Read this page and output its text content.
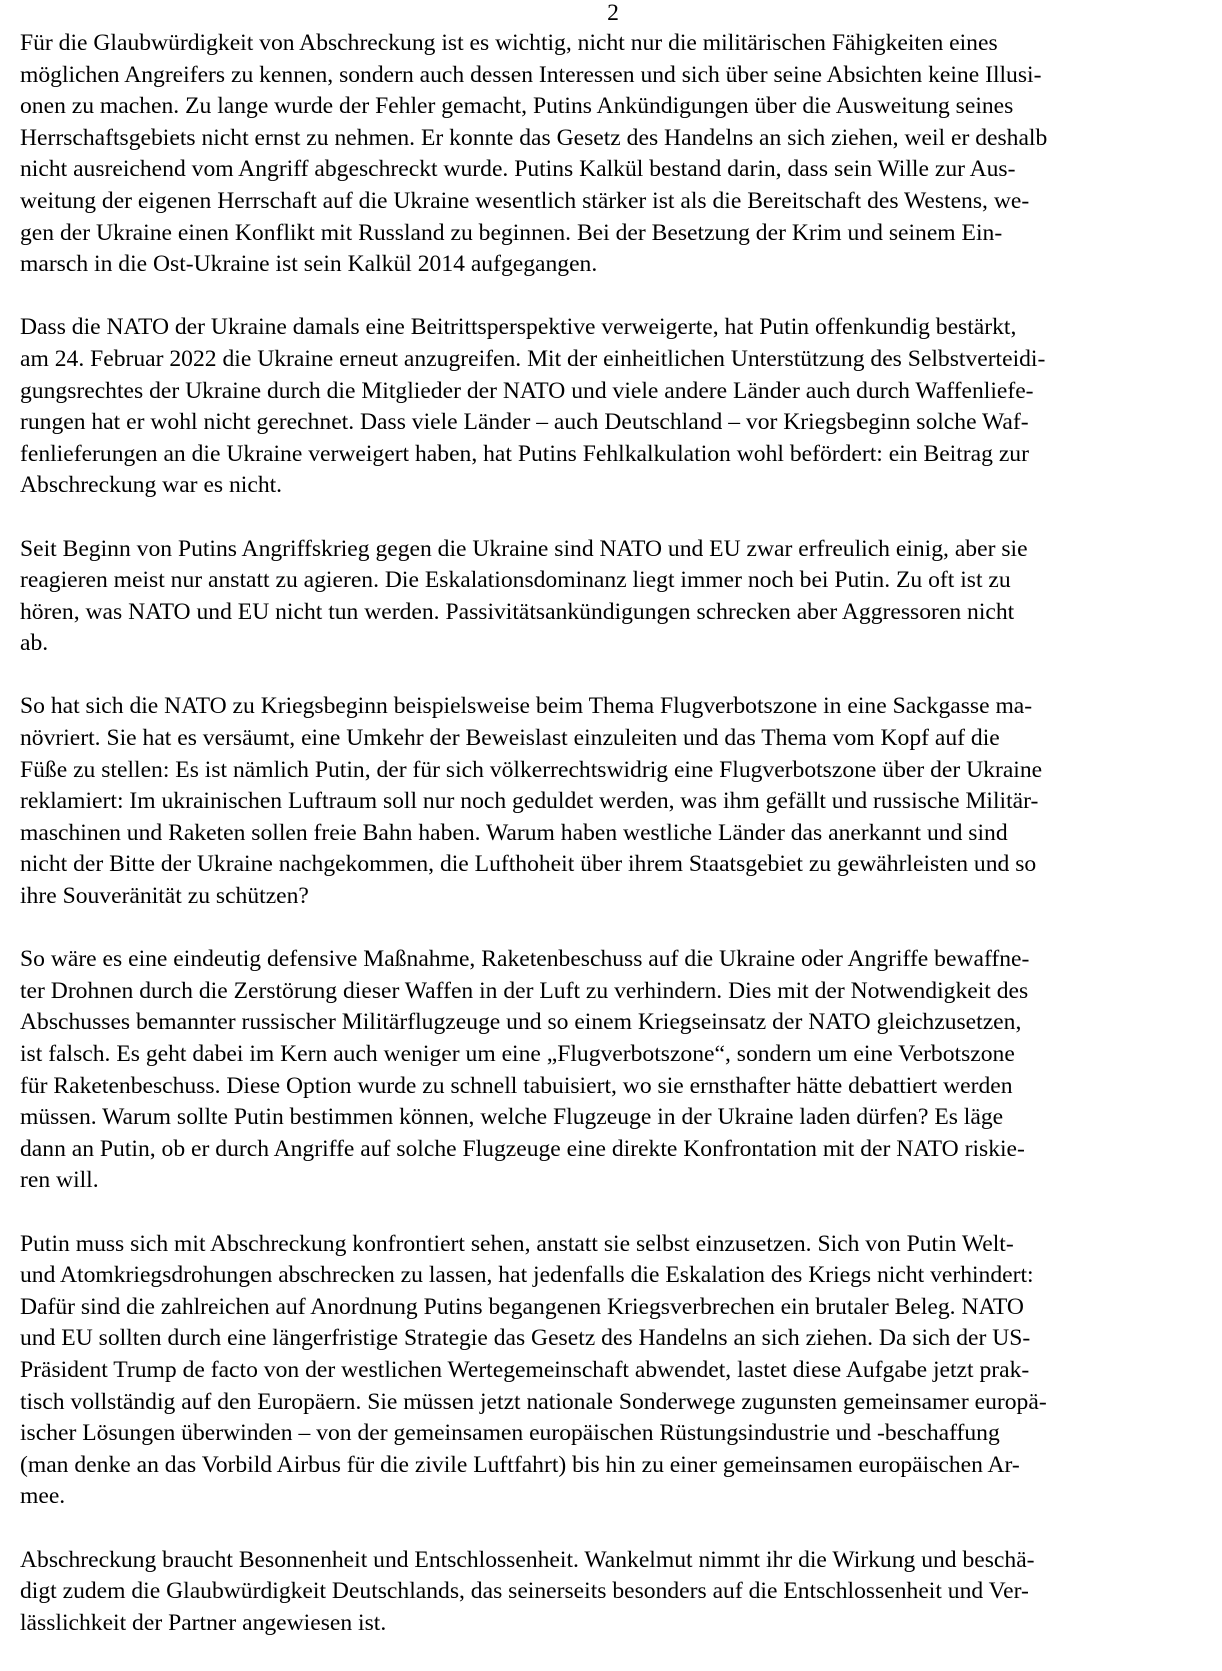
2

Für die Glaubwürdigkeit von Abschreckung ist es wichtig, nicht nur die militärischen Fähigkeiten eines
möglichen Angreifers zu kennen, sondern auch dessen Interessen und sich über seine Absichten keine Illusi-
onen zu machen. Zu lange wurde der Fehler gemacht, Putins Ankündigungen über die Ausweitung seines
Herrschaftsgebiets nicht ernst zu nehmen. Er konnte das Gesetz des Handelns an sich ziehen, weil er deshalb
nicht ausreichend vom Angriff abgeschreckt wurde. Putins Kalkül bestand darin, dass sein Wille zur Aus-
weitung der eigenen Herrschaft auf die Ukraine wesentlich stärker ist als die Bereitschaft des Westens, we-
gen der Ukraine einen Konflikt mit Russland zu beginnen. Bei der Besetzung der Krim und seinem Ein-
marsch in die Ost-Ukraine ist sein Kalkül 2014 aufgegangen.

Dass die NATO der Ukraine damals eine Beitrittsperspektive verweigerte, hat Putin offenkundig bestärkt,
am 24. Februar 2022 die Ukraine erneut anzugreifen. Mit der einheitlichen Unterstützung des Selbstverteidi-
gungsrechtes der Ukraine durch die Mitglieder der NATO und viele andere Länder auch durch Waffenliefe-
rungen hat er wohl nicht gerechnet. Dass viele Länder – auch Deutschland – vor Kriegsbeginn solche Waf-
fenlieferungen an die Ukraine verweigert haben, hat Putins Fehlkalkulation wohl befördert: ein Beitrag zur
Abschreckung war es nicht.

Seit Beginn von Putins Angriffskrieg gegen die Ukraine sind NATO und EU zwar erfreulich einig, aber sie
reagieren meist nur anstatt zu agieren. Die Eskalationsdominanz liegt immer noch bei Putin. Zu oft ist zu
hören, was NATO und EU nicht tun werden. Passivitätsankündigungen schrecken aber Aggressoren nicht
ab.

So hat sich die NATO zu Kriegsbeginn beispielsweise beim Thema Flugverbotszone in eine Sackgasse ma-
növriert. Sie hat es versäumt, eine Umkehr der Beweislast einzuleiten und das Thema vom Kopf auf die
Füße zu stellen: Es ist nämlich Putin, der für sich völkerrechtswidrig eine Flugverbotszone über der Ukraine
reklamiert: Im ukrainischen Luftraum soll nur noch geduldet werden, was ihm gefällt und russische Militär-
maschinen und Raketen sollen freie Bahn haben. Warum haben westliche Länder das anerkannt und sind
nicht der Bitte der Ukraine nachgekommen, die Lufthoheit über ihrem Staatsgebiet zu gewährleisten und so
ihre Souveränität zu schützen?

So wäre es eine eindeutig defensive Maßnahme, Raketenbeschuss auf die Ukraine oder Angriffe bewaffne-
ter Drohnen durch die Zerstörung dieser Waffen in der Luft zu verhindern. Dies mit der Notwendigkeit des
Abschusses bemannter russischer Militärflugzeuge und so einem Kriegseinsatz der NATO gleichzusetzen,
ist falsch. Es geht dabei im Kern auch weniger um eine „Flugverbotszone“, sondern um eine Verbotszone
für Raketenbeschuss. Diese Option wurde zu schnell tabuisiert, wo sie ernsthafter hätte debattiert werden
müssen. Warum sollte Putin bestimmen können, welche Flugzeuge in der Ukraine laden dürfen? Es läge
dann an Putin, ob er durch Angriffe auf solche Flugzeuge eine direkte Konfrontation mit der NATO riskie-
ren will.

Putin muss sich mit Abschreckung konfrontiert sehen, anstatt sie selbst einzusetzen. Sich von Putin Welt-
und Atomkriegsdrohungen abschrecken zu lassen, hat jedenfalls die Eskalation des Kriegs nicht verhindert:
Dafür sind die zahlreichen auf Anordnung Putins begangenen Kriegsverbrechen ein brutaler Beleg. NATO
und EU sollten durch eine längerfristige Strategie das Gesetz des Handelns an sich ziehen. Da sich der US-
Präsident Trump de facto von der westlichen Wertegemeinschaft abwendet, lastet diese Aufgabe jetzt prak-
tisch vollständig auf den Europäern. Sie müssen jetzt nationale Sonderwege zugunsten gemeinsamer europä-
ischer Lösungen überwinden – von der gemeinsamen europäischen Rüstungsindustrie und -beschaffung
(man denke an das Vorbild Airbus für die zivile Luftfahrt) bis hin zu einer gemeinsamen europäischen Ar-
mee.

Abschreckung braucht Besonnenheit und Entschlossenheit. Wankelmut nimmt ihr die Wirkung und beschä-
digt zudem die Glaubwürdigkeit Deutschlands, das seinerseits besonders auf die Entschlossenheit und Ver-
lässlichkeit der Partner angewiesen ist.
